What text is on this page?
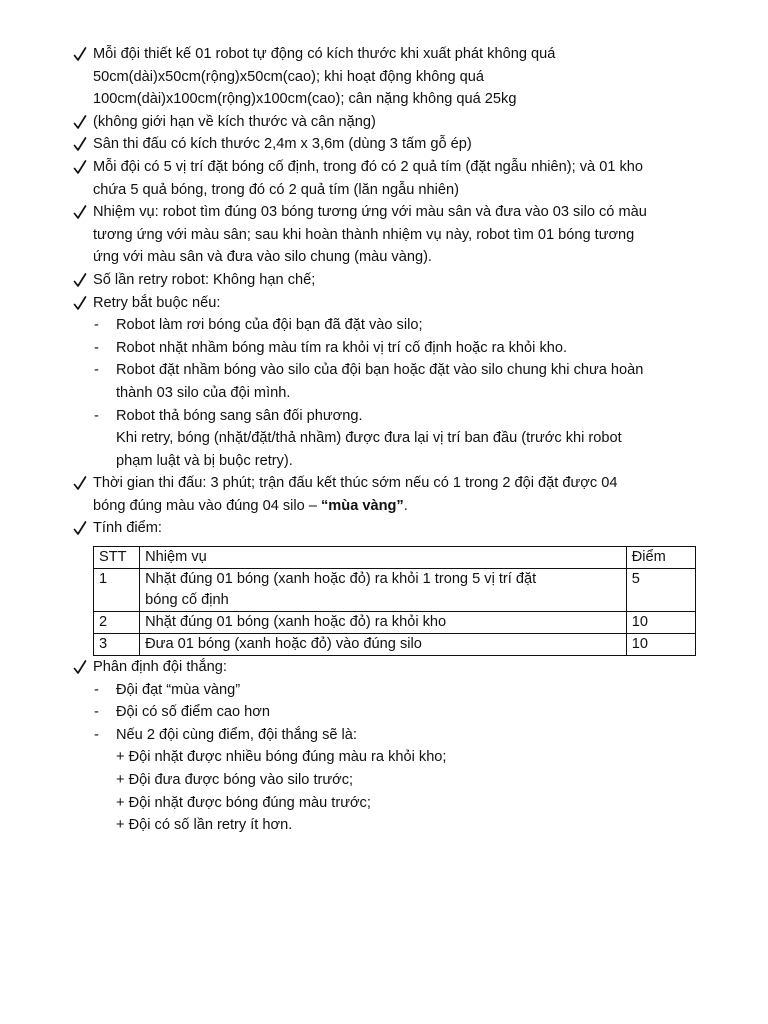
Mỗi đội thiết kế 01 robot tự động có kích thước khi xuất phát không quá
50cm(dài)x50cm(rộng)x50cm(cao); khi hoạt động không quá
100cm(dài)x100cm(rộng)x100cm(cao); cân nặng không quá 25kg
(không giới hạn về kích thước và cân nặng)
Sân thi đấu có kích thước 2,4m x 3,6m (dùng 3 tấm gỗ ép)
Mỗi đội có 5 vị trí đặt bóng cố định, trong đó có 2 quả tím (đặt ngẫu nhiên); và 01 kho
chứa 5 quả bóng, trong đó có 2 quả tím (lăn ngẫu nhiên)
Nhiệm vụ: robot tìm đúng 03 bóng tương ứng với màu sân và đưa vào 03 silo có màu
tương ứng với màu sân; sau khi hoàn thành nhiệm vụ này, robot tìm 01 bóng tương
ứng với màu sân và đưa vào silo chung (màu vàng).
Số lần retry robot: Không hạn chế;
Retry bắt buộc nếu:
- Robot làm rơi bóng của đội bạn đã đặt vào silo;
- Robot nhặt nhầm bóng màu tím ra khỏi vị trí cố định hoặc ra khỏi kho.
- Robot đặt nhầm bóng vào silo của đội bạn hoặc đặt vào silo chung khi chưa hoàn
thành 03 silo của đội mình.
- Robot thả bóng sang sân đối phương.
Khi retry, bóng (nhặt/đặt/thả nhầm) được đưa lại vị trí ban đầu (trước khi robot
phạm luật và bị buộc retry).
Thời gian thi đấu: 3 phút; trận đấu kết thúc sớm nếu có 1 trong 2 đội đặt được 04
bóng đúng màu vào đúng 04 silo – “mùa vàng”.
Tính điểm:
STT	Nhiệm vụ	Điểm
1	Nhặt đúng 01 bóng (xanh hoặc đỏ) ra khỏi 1 trong 5 vị trí đặt
bóng cố định	5
2	Nhặt đúng 01 bóng (xanh hoặc đỏ) ra khỏi kho	10
3	Đưa 01 bóng (xanh hoặc đỏ) vào đúng silo	10
Phân định đội thắng:
- Đội đạt “mùa vàng”
- Đội có số điểm cao hơn
- Nếu 2 đội cùng điểm, đội thắng sẽ là:
+ Đội nhặt được nhiều bóng đúng màu ra khỏi kho;
+ Đội đưa được bóng vào silo trước;
+ Đội nhặt được bóng đúng màu trước;
+ Đội có số lần retry ít hơn.
